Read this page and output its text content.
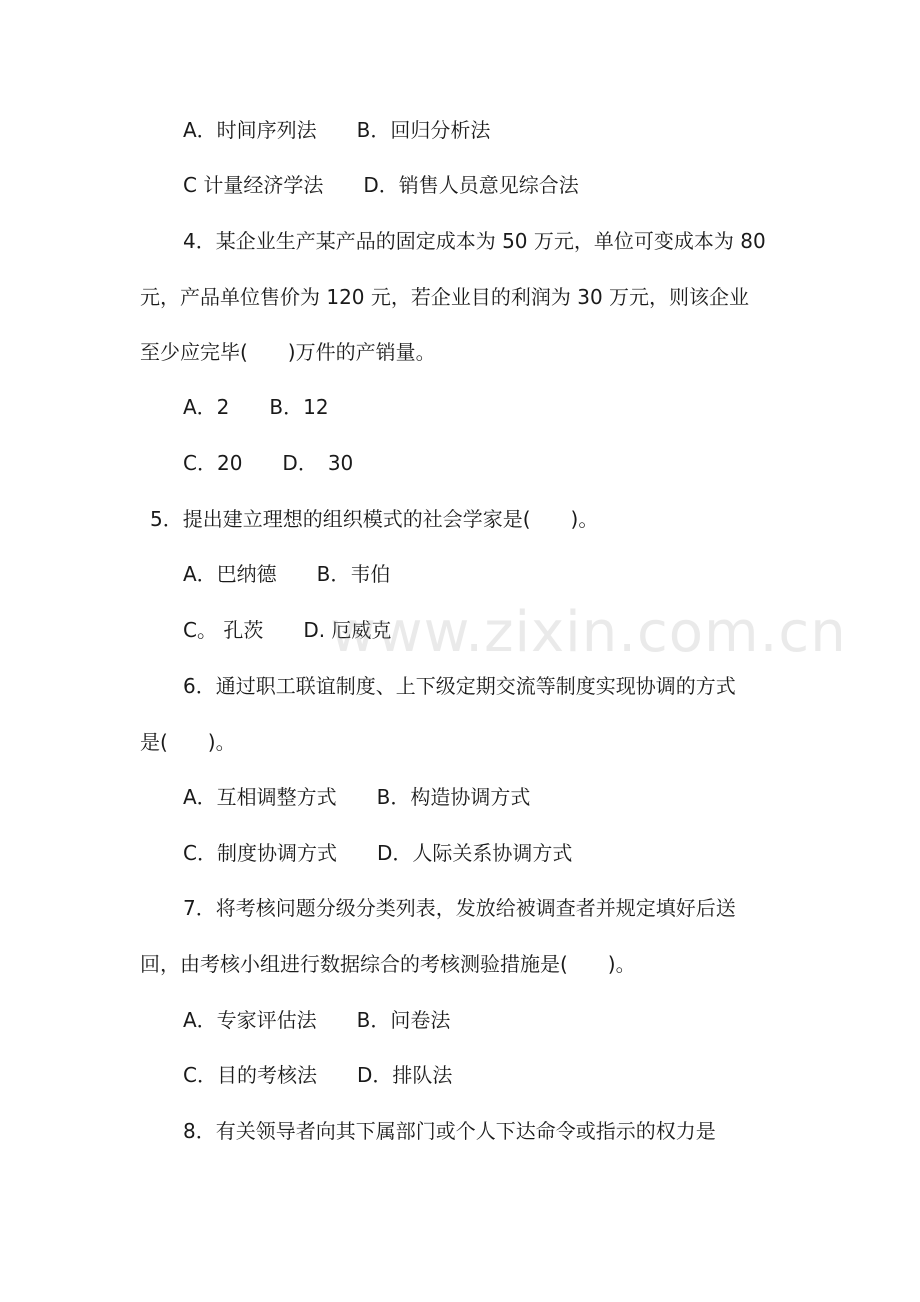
A．时间序列法　　B．回归分析法
C 计量经济学法　　D．销售人员意见综合法
4．某企业生产某产品的固定成本为 50 万元，单位可变成本为 80
元，产品单位售价为 120 元，若企业目的利润为 30 万元，则该企业
至少应完毕(　　)万件的产销量。
A．2　　B．12
C．20　　D．　30
5．提出建立理想的组织模式的社会学家是(　　)。
A．巴纳德　　B．韦伯
C。 孔茨　　D. 厄威克
6．通过职工联谊制度、上下级定期交流等制度实现协调的方式
是(　　)。
A．互相调整方式　　B．构造协调方式
C．制度协调方式　　D．人际关系协调方式
7．将考核问题分级分类列表，发放给被调查者并规定填好后送
回，由考核小组进行数据综合的考核测验措施是(　　)。
A．专家评估法　　B．问卷法
C．目的考核法　　D．排队法
8．有关领导者向其下属部门或个人下达命令或指示的权力是
www.zixin.com.cn
